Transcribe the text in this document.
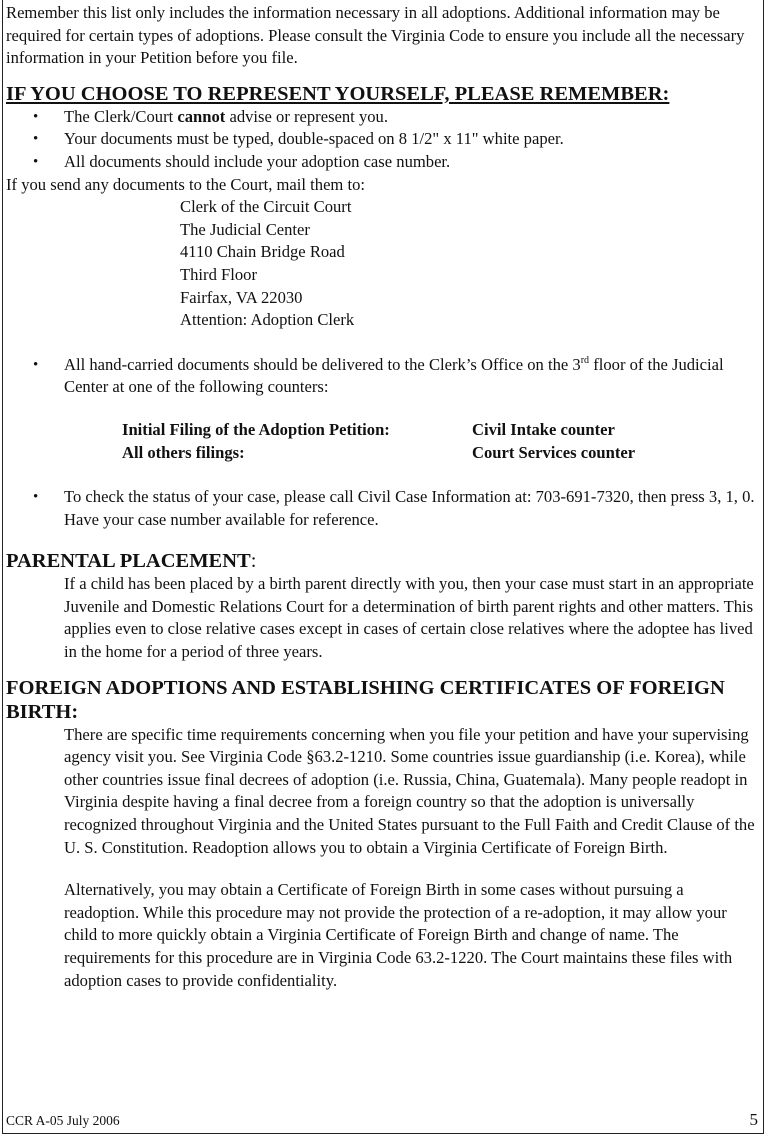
Remember this list only includes the information necessary in all adoptions. Additional information may be required for certain types of adoptions. Please consult the Virginia Code to ensure you include all the necessary information in your Petition before you file.

IF YOU CHOOSE TO REPRESENT YOURSELF, PLEASE REMEMBER:
• The Clerk/Court cannot advise or represent you.
• Your documents must be typed, double-spaced on 8 1/2" x 11" white paper.
• All documents should include your adoption case number.

If you send any documents to the Court, mail them to:

Clerk of the Circuit Court
The Judicial Center
4110 Chain Bridge Road
Third Floor
Fairfax, VA 22030
Attention: Adoption Clerk
• All hand-carried documents should be delivered to the Clerk’s Office on the 3rd floor of the Judicial Center at one of the following counters:
Initial Filing of the Adoption Petition:	Civil Intake counter
All others filings:	Court Services counter
• To check the status of your case, please call Civil Case Information at: 703-691-7320, then press 3, 1, 0. Have your case number available for reference.
PARENTAL PLACEMENT:

If a child has been placed by a birth parent directly with you, then your case must start in an appropriate Juvenile and Domestic Relations Court for a determination of birth parent rights and other matters. This applies even to close relative cases except in cases of certain close relatives where the adoptee has lived in the home for a period of three years.

FOREIGN ADOPTIONS AND ESTABLISHING CERTIFICATES OF FOREIGN BIRTH:

There are specific time requirements concerning when you file your petition and have your supervising agency visit you. See Virginia Code §63.2-1210. Some countries issue guardianship (i.e. Korea), while other countries issue final decrees of adoption (i.e. Russia, China, Guatemala). Many people readopt in Virginia despite having a final decree from a foreign country so that the adoption is universally recognized throughout Virginia and the United States pursuant to the Full Faith and Credit Clause of the U. S. Constitution. Readoption allows you to obtain a Virginia Certificate of Foreign Birth.

Alternatively, you may obtain a Certificate of Foreign Birth in some cases without pursuing a readoption. While this procedure may not provide the protection of a re-adoption, it may allow your child to more quickly obtain a Virginia Certificate of Foreign Birth and change of name. The requirements for this procedure are in Virginia Code 63.2-1220. The Court maintains these files with adoption cases to provide confidentiality.

CCR A-05 July 2006	5
